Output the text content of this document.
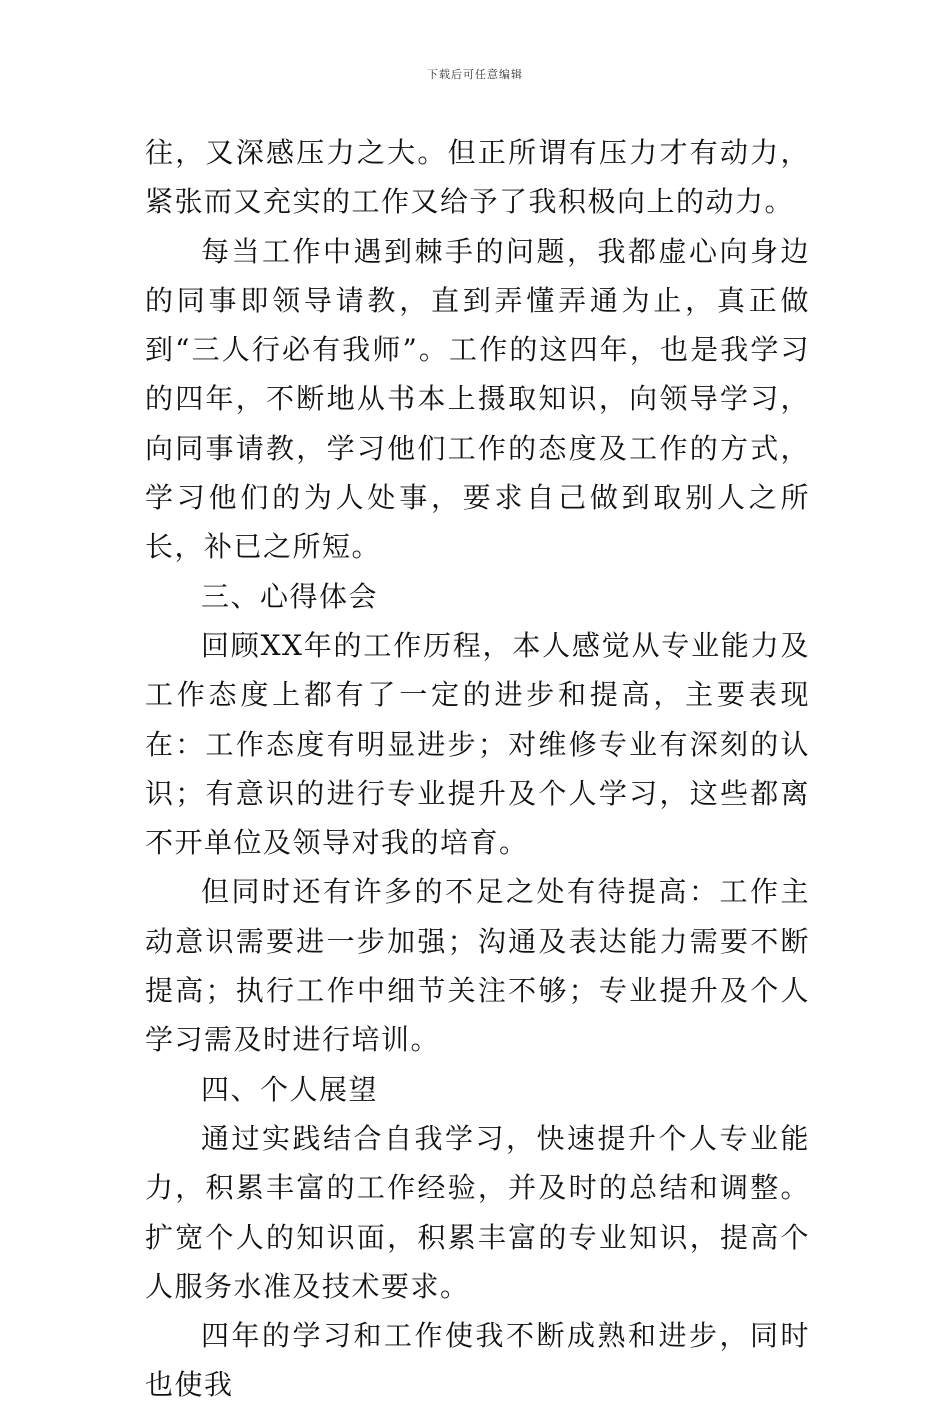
下载后可任意编辑

往，又深感压力之大。但正所谓有压力才有动力，紧张而又充实的工作又给予了我积极向上的动力。

每当工作中遇到棘手的问题，我都虚心向身边的同事即领导请教，直到弄懂弄通为止，真正做到“三人行必有我师”。工作的这四年，也是我学习的四年，不断地从书本上摄取知识，向领导学习，向同事请教，学习他们工作的态度及工作的方式，学习他们的为人处事，要求自己做到取别人之所长，补已之所短。

三、心得体会

回顾XX年的工作历程，本人感觉从专业能力及工作态度上都有了一定的进步和提高，主要表现在：工作态度有明显进步；对维修专业有深刻的认识；有意识的进行专业提升及个人学习，这些都离不开单位及领导对我的培育。

但同时还有许多的不足之处有待提高：工作主动意识需要进一步加强；沟通及表达能力需要不断提高；执行工作中细节关注不够；专业提升及个人学习需及时进行培训。

四、个人展望

通过实践结合自我学习，快速提升个人专业能力，积累丰富的工作经验，并及时的总结和调整。扩宽个人的知识面，积累丰富的专业知识，提高个人服务水准及技术要求。

四年的学习和工作使我不断成熟和进步，同时也使我
